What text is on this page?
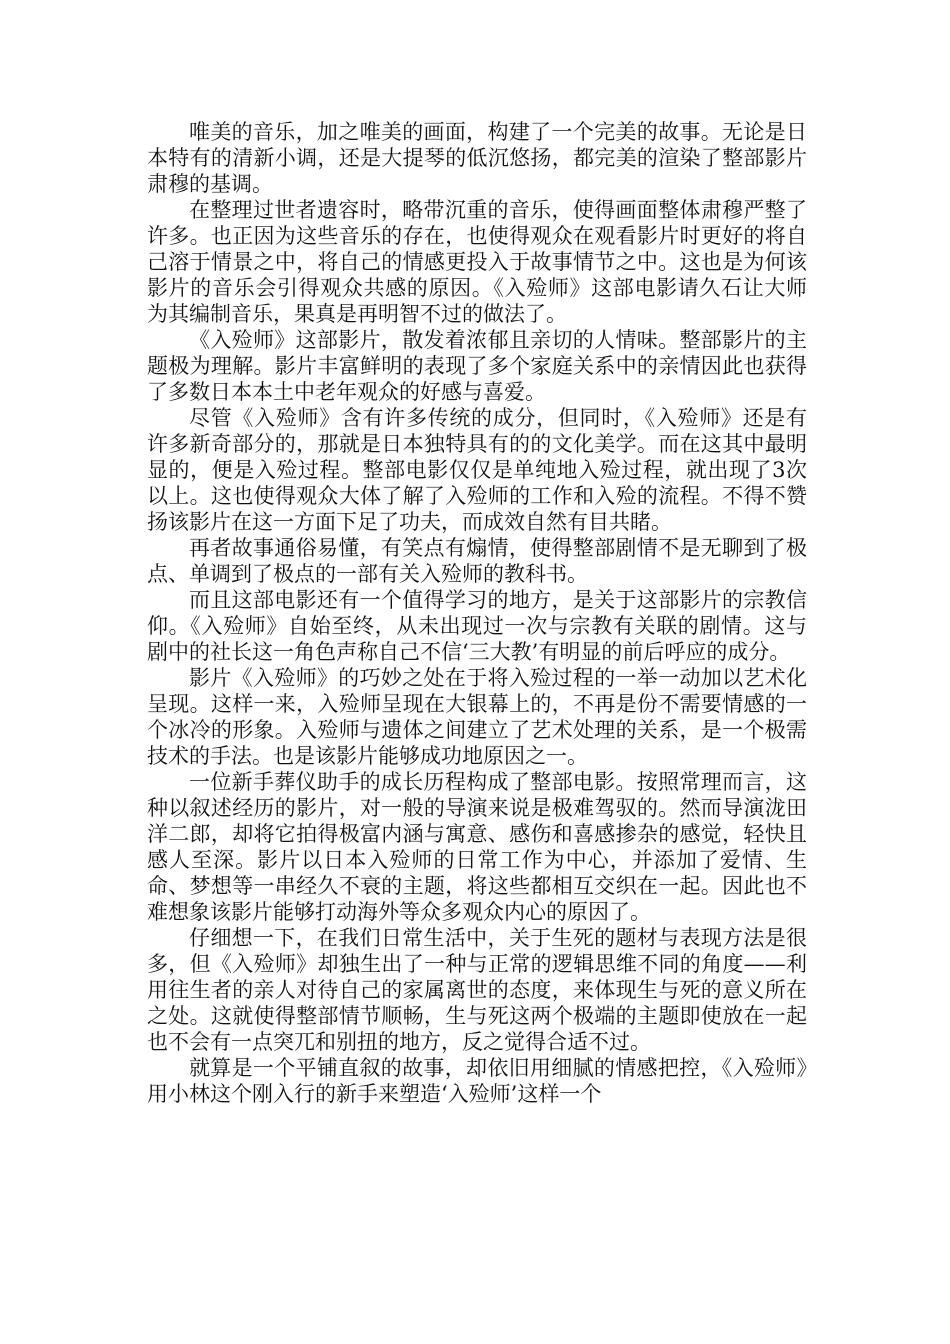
唯美的音乐，加之唯美的画面，构建了一个完美的故事。无论是日本特有的清新小调，还是大提琴的低沉悠扬，都完美的渲染了整部影片肃穆的基调。

在整理过世者遗容时，略带沉重的音乐，使得画面整体肃穆严整了许多。也正因为这些音乐的存在，也使得观众在观看影片时更好的将自己溶于情景之中，将自己的情感更投入于故事情节之中。这也是为何该影片的音乐会引得观众共感的原因。《入殓师》这部电影请久石让大师为其编制音乐，果真是再明智不过的做法了。

《入殓师》这部影片，散发着浓郁且亲切的人情味。整部影片的主题极为理解。影片丰富鲜明的表现了多个家庭关系中的亲情因此也获得了多数日本本土中老年观众的好感与喜爱。

尽管《入殓师》含有许多传统的成分，但同时，《入殓师》还是有许多新奇部分的，那就是日本独特具有的的文化美学。而在这其中最明显的，便是入殓过程。整部电影仅仅是单纯地入殓过程，就出现了3次以上。这也使得观众大体了解了入殓师的工作和入殓的流程。不得不赞扬该影片在这一方面下足了功夫，而成效自然有目共睹。

再者故事通俗易懂，有笑点有煽情，使得整部剧情不是无聊到了极点、单调到了极点的一部有关入殓师的教科书。

而且这部电影还有一个值得学习的地方，是关于这部影片的宗教信仰。《入殓师》自始至终，从未出现过一次与宗教有关联的剧情。这与剧中的社长这一角色声称自己不信‘三大教’有明显的前后呼应的成分。

影片《入殓师》的巧妙之处在于将入殓过程的一举一动加以艺术化呈现。这样一来，入殓师呈现在大银幕上的，不再是份不需要情感的一个冰冷的形象。入殓师与遗体之间建立了艺术处理的关系，是一个极需技术的手法。也是该影片能够成功地原因之一。

一位新手葬仪助手的成长历程构成了整部电影。按照常理而言，这种以叙述经历的影片，对一般的导演来说是极难驾驭的。然而导演泷田洋二郎，却将它拍得极富内涵与寓意、感伤和喜感掺杂的感觉，轻快且感人至深。影片以日本入殓师的日常工作为中心，并添加了爱情、生命、梦想等一串经久不衰的主题，将这些都相互交织在一起。因此也不难想象该影片能够打动海外等众多观众内心的原因了。

仔细想一下，在我们日常生活中，关于生死的题材与表现方法是很多，但《入殓师》却独生出了一种与正常的逻辑思维不同的角度——利用往生者的亲人对待自己的家属离世的态度，来体现生与死的意义所在之处。这就使得整部情节顺畅，生与死这两个极端的主题即使放在一起也不会有一点突兀和别扭的地方，反之觉得合适不过。

就算是一个平铺直叙的故事，却依旧用细腻的情感把控，《入殓师》用小林这个刚入行的新手来塑造‘入殓师’这样一个
